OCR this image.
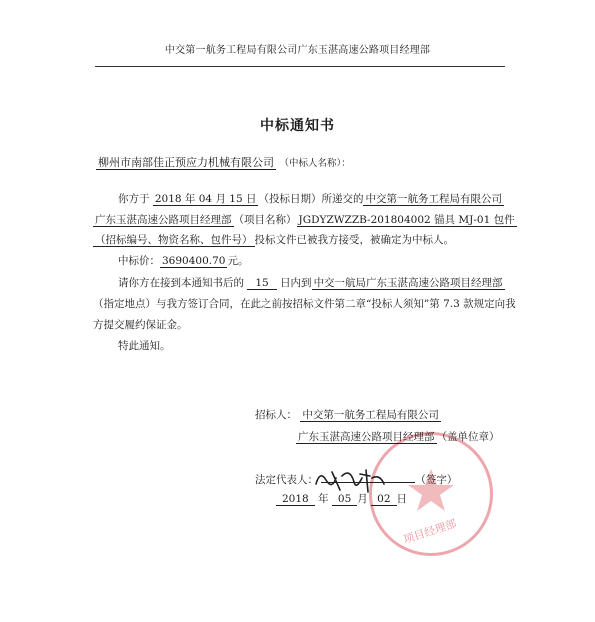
中交第一航务工程局有限公司广东玉湛高速公路项目经理部
中标通知书
柳州市南部佳正预应力机械有限公司 （中标人名称）：
你方于 2018 年 04 月 15 日 （投标日期）所递交的 中交第一航务工程局有限公司
广东玉湛高速公路项目经理部 （项目名称） JGDYZWZZB-201804002 锚具 MJ-01 包件
（招标编号、物资名称、包件号） 投标文件已被我方接受，被确定为中标人。
中标价： 3690400.70 元。
请你方在接到本通知书后的 15 日内到 中交一航局广东玉湛高速公路项目经理部
（指定地点）与我方签订合同，在此之前按招标文件第二章“投标人须知”第 7.3 款规定向我
方提交履约保证金。
特此通知。
项目经理部
招标人： 中交第一航务工程局有限公司
广东玉湛高速公路项目经理部 （盖单位章）
法定代表人：	（签字）
2018 年 05 月 02 日
